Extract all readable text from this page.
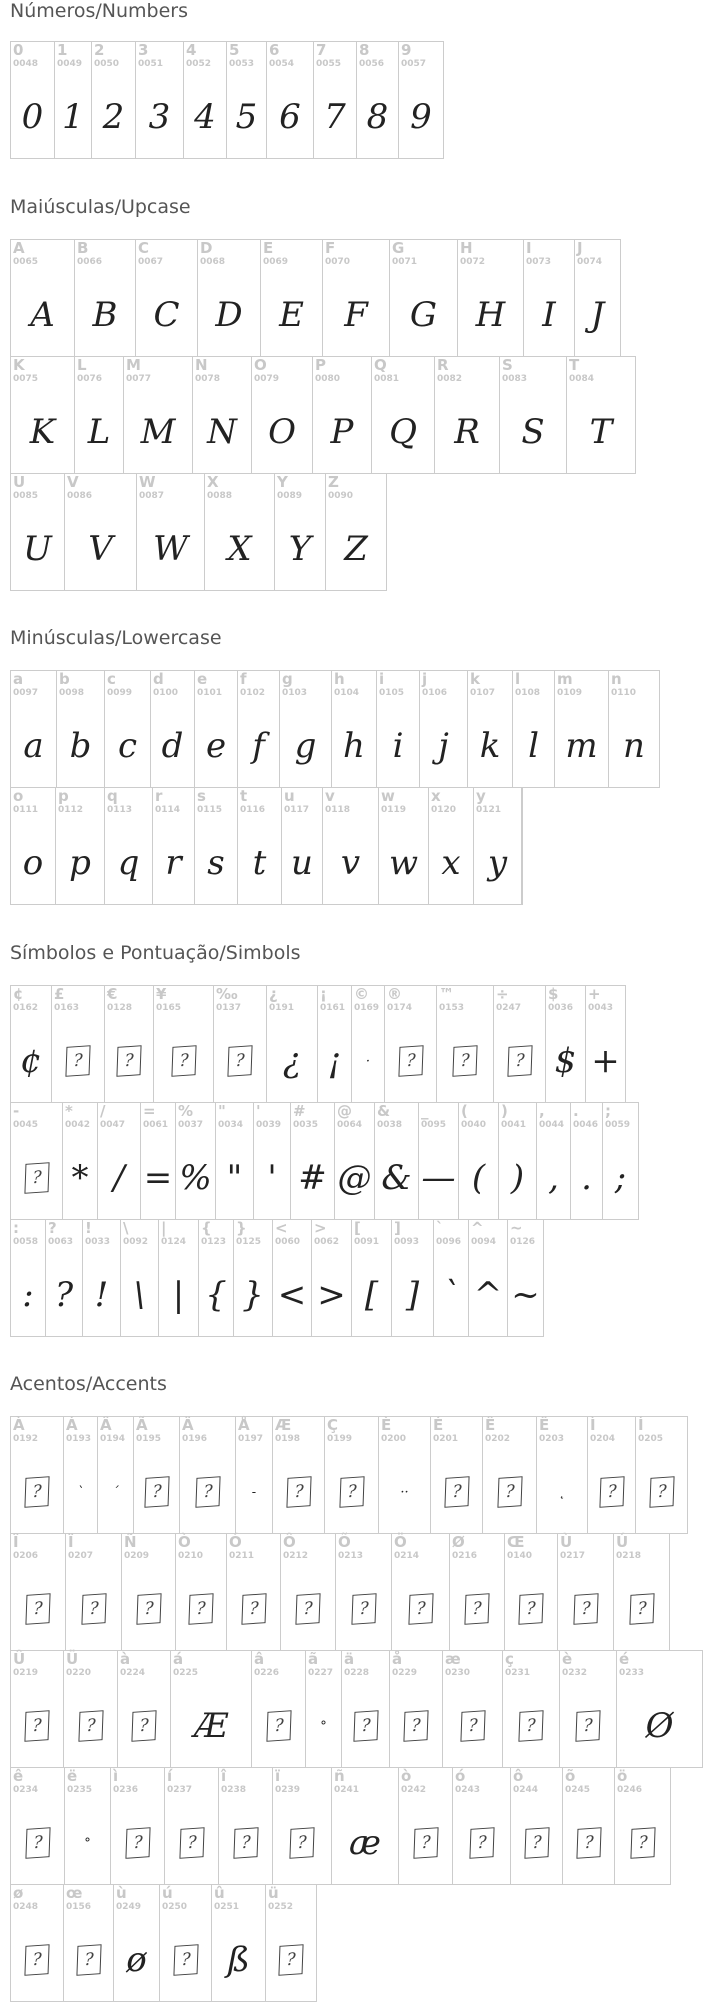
Números/Numbers
0
0048
0
1
0049
1
2
0050
2
3
0051
3
4
0052
4
5
0053
5
6
0054
6
7
0055
7
8
0056
8
9
0057
9
Maiúsculas/Upcase
A
0065
A
B
0066
B
C
0067
C
D
0068
D
E
0069
E
F
0070
F
G
0071
G
H
0072
H
I
0073
I
J
0074
J
K
0075
K
L
0076
L
M
0077
M
N
0078
N
O
0079
O
P
0080
P
Q
0081
Q
R
0082
R
S
0083
S
T
0084
T
U
0085
U
V
0086
V
W
0087
W
X
0088
X
Y
0089
Y
Z
0090
Z
Minúsculas/Lowercase
a
0097
a
b
0098
b
c
0099
c
d
0100
d
e
0101
e
f
0102
f
g
0103
g
h
0104
h
i
0105
i
j
0106
j
k
0107
k
l
0108
l
m
0109
m
n
0110
n
o
0111
o
p
0112
p
q
0113
q
r
0114
r
s
0115
s
t
0116
t
u
0117
u
v
0118
v
w
0119
w
x
0120
x
y
0121
y
Símbolos e Pontuação/Simbols
¢
0162
¢
£
0163
?
€
0128
?
¥
0165
?
‰
0137
?
¿
0191
¿
¡
0161
¡
©
0169
·
®
0174
?
™
0153
?
÷
0247
?
$
0036
$
+
0043
+
-
0045
?
*
0042
*
/
0047
/
=
0061
=
%
0037
%
"
0034
"
'
0039
'
#
0035
#
@
0064
@
&
0038
&
_
0095
—
(
0040
(
)
0041
)
,
0044
,
.
0046
.
;
0059
;
:
0058
:
?
0063
?
!
0033
!
\
0092
\
|
0124
|
{
0123
{
}
0125
}
<
0060
<
>
0062
>
[
0091
[
]
0093
]
`
0096
`
^
0094
^
~
0126
~
Acentos/Accents
À
0192
?
Á
0193
`
Â
0194
´
Ã
0195
?
Ä
0196
?
Å
0197
-
Æ
0198
?
Ç
0199
?
È
0200
··
É
0201
?
Ê
0202
?
Ë
0203
˛
Ì
0204
?
Í
0205
?
Î
0206
?
Ï
0207
?
Ñ
0209
?
Ò
0210
?
Ó
0211
?
Ô
0212
?
Õ
0213
?
Ö
0214
?
Ø
0216
?
Œ
0140
?
Ù
0217
?
Ú
0218
?
Û
0219
?
Ü
0220
?
à
0224
?
á
0225
Æ
â
0226
?
ã
0227
°
ä
0228
?
å
0229
?
æ
0230
?
ç
0231
?
è
0232
?
é
0233
Ø
ê
0234
?
ë
0235
°
ì
0236
?
í
0237
?
î
0238
?
ï
0239
?
ñ
0241
æ
ò
0242
?
ó
0243
?
ô
0244
?
õ
0245
?
ö
0246
?
ø
0248
?
œ
0156
?
ù
0249
ø
ú
0250
?
û
0251
ß
ü
0252
?
